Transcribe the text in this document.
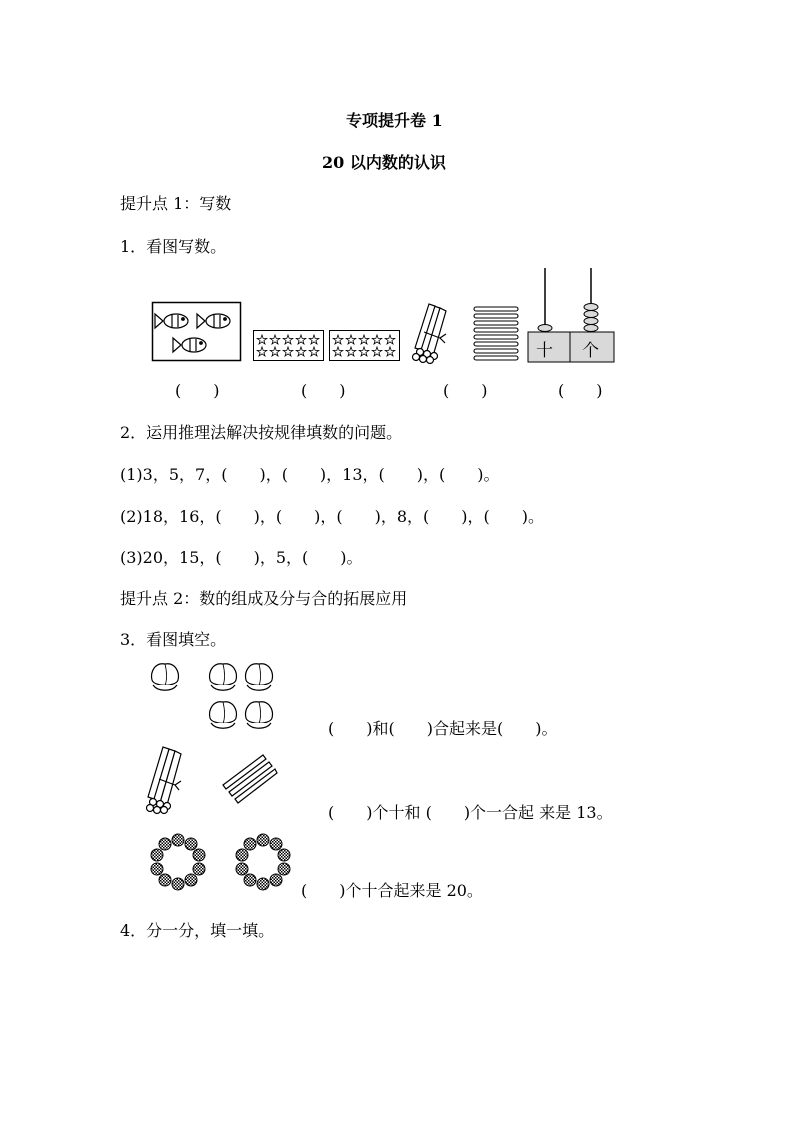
专项提升卷 1
20 以内数的认识
提升点 1：写数
1．看图写数。
十 个
(　　)	(　　)	(　　)	(　　)
2．运用推理法解决按规律填数的问题。
(1)3，5，7，(　　)，(　　)，13，(　　)，(　　)。
(2)18，16，(　　)，(　　)，(　　)，8，(　　)，(　　)。
(3)20，15，(　　)，5，(　　)。
提升点 2：数的组成及分与合的拓展应用
3．看图填空。
(　　)和(　　)合起来是(　　)。
(　　)个十和 (　　)个一合起 来是 13。
(　　)个十合起来是 20。
4．分一分，填一填。
